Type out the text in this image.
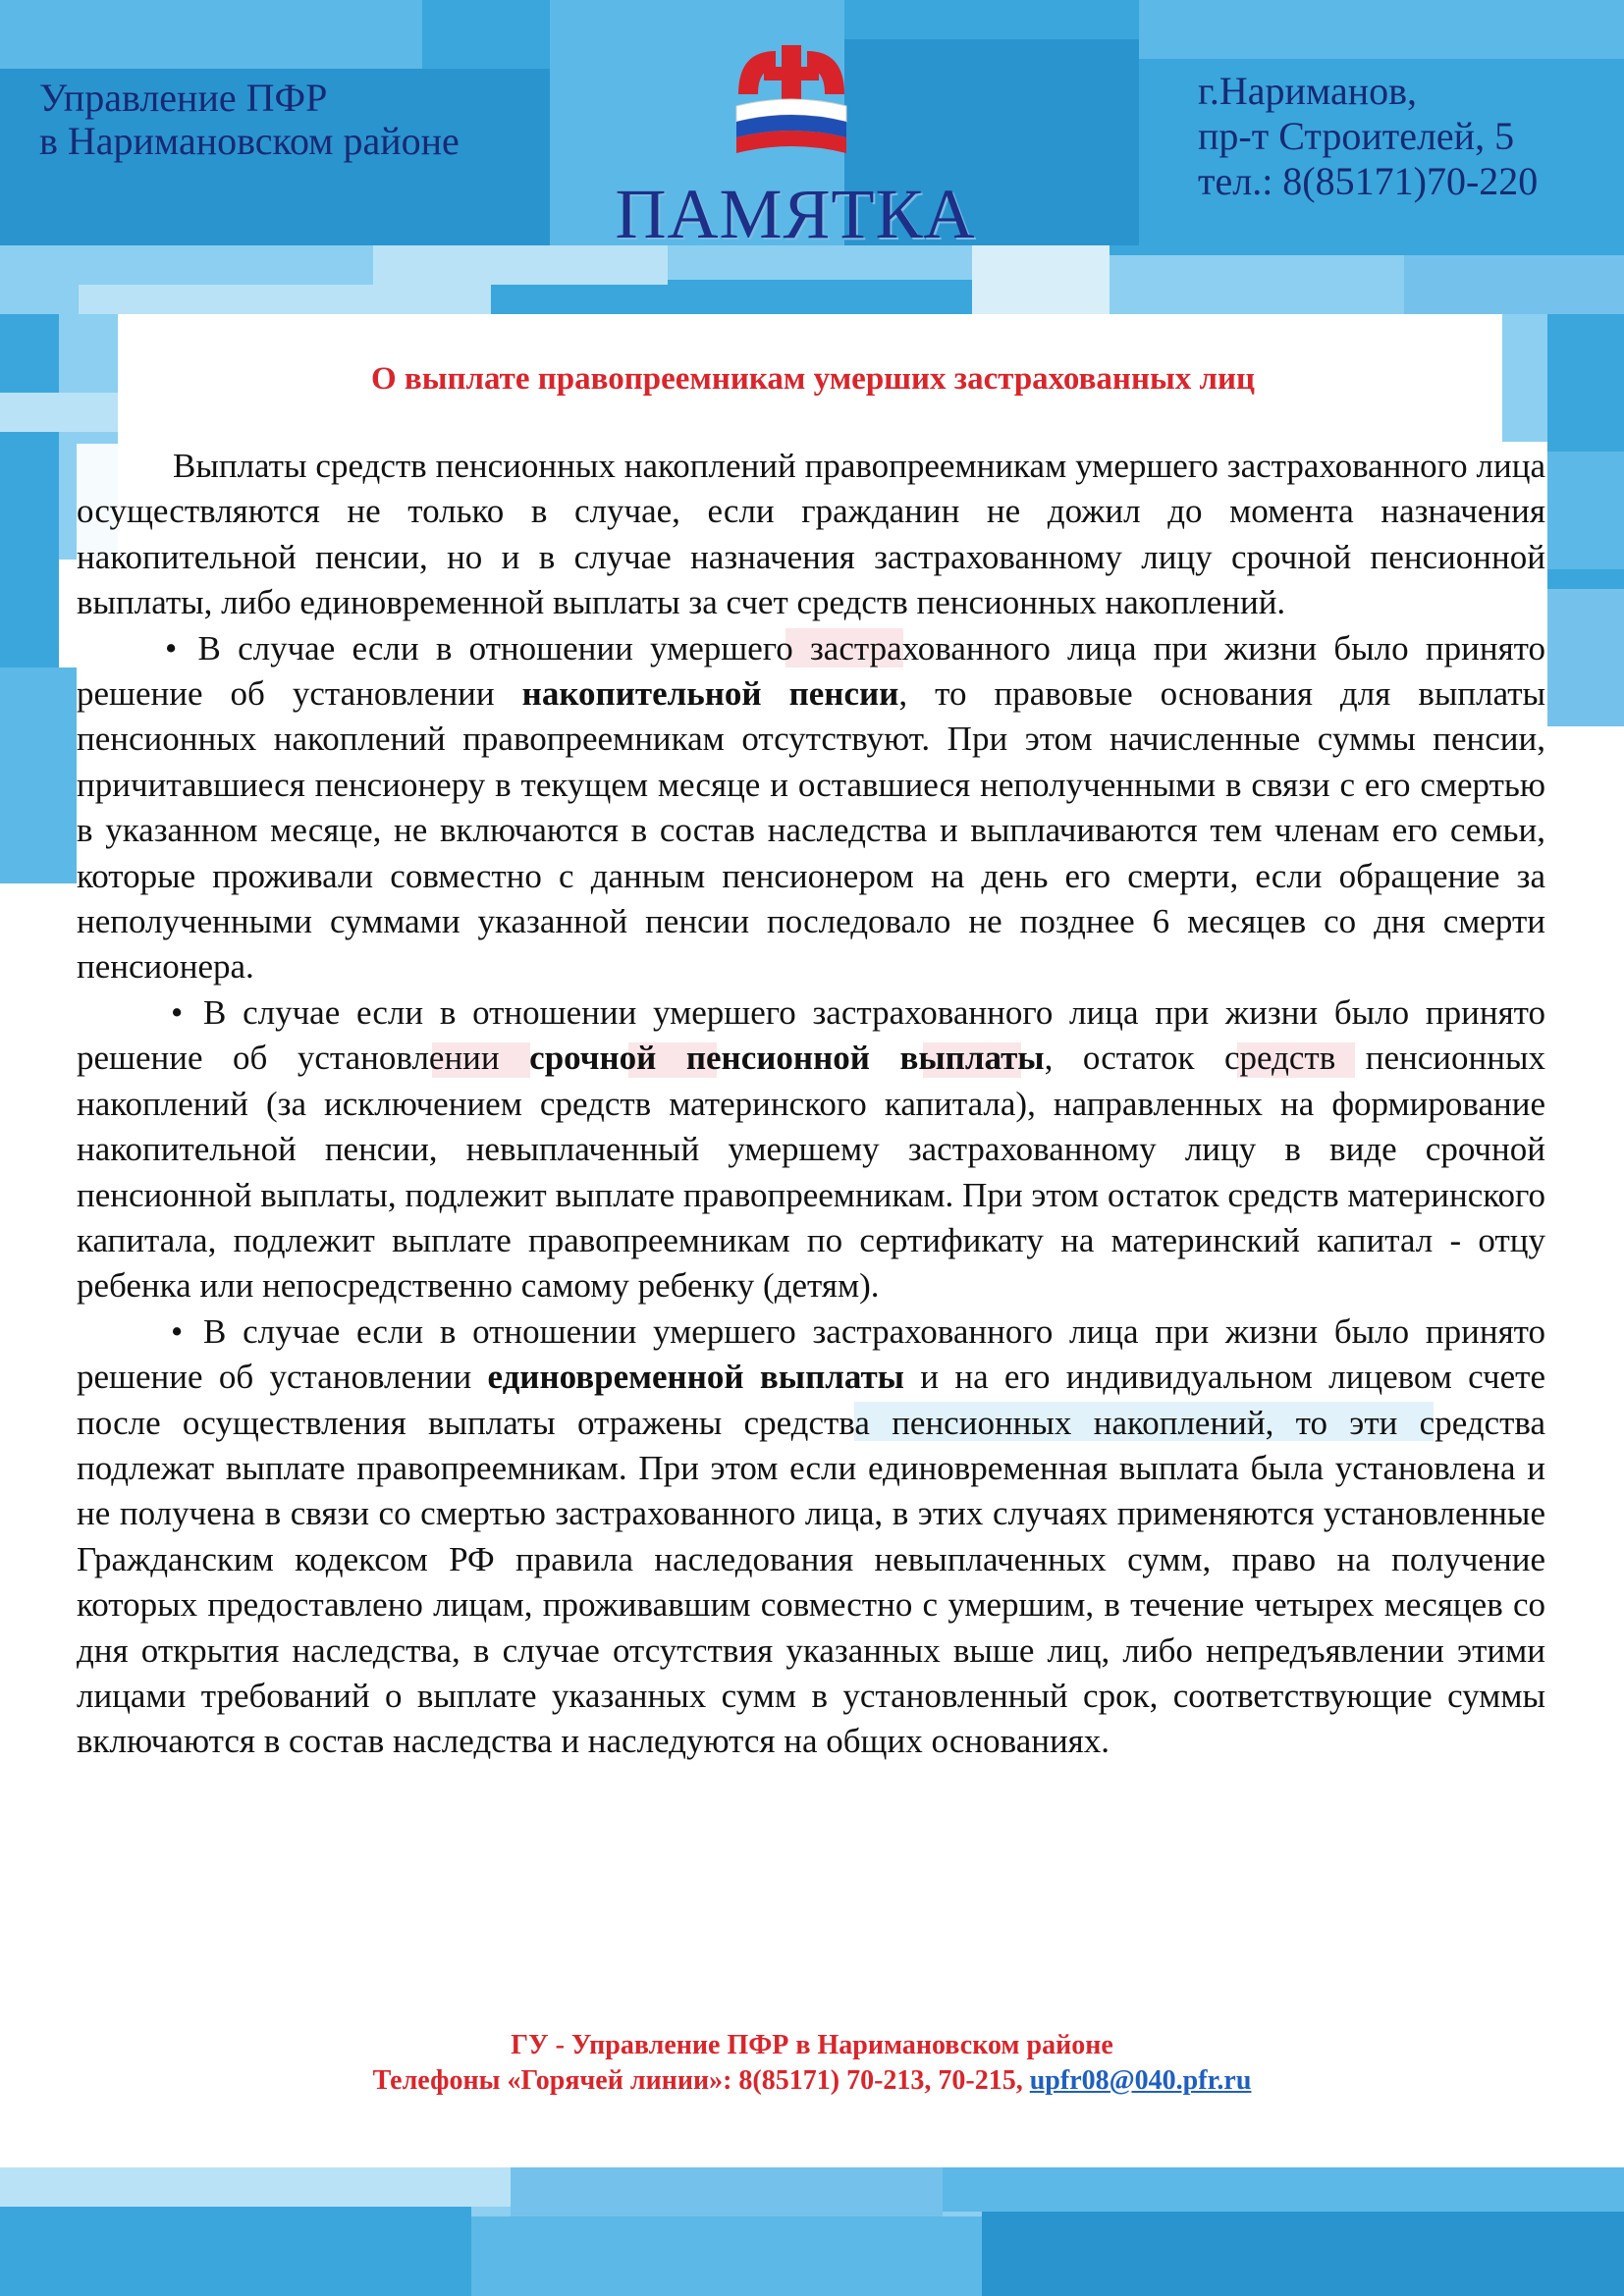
Управление ПФР
в Наримановском районе
ПАМЯТКА
г.Нариманов,
пр-т Строителей, 5
тел.: 8(85171)70-220
О выплате правопреемникам умерших застрахованных лиц

Выплаты средств пенсионных накоплений правопреемникам умершего застрахованного лица осуществляются не только в случае, если гражданин не дожил до момента назначения накопительной пенсии, но и в случае назначения застрахованному лицу срочной пенсионной выплаты, либо единовременной выплаты за счет средств пенсионных накоплений.

• В случае если в отношении умершего застрахованного лица при жизни было принято решение об установлении накопительной пенсии, то правовые основания для выплаты пенсионных накоплений правопреемникам отсутствуют. При этом начисленные суммы пенсии, причитавшиеся пенсионеру в текущем месяце и оставшиеся неполученными в связи с его смертью в указанном месяце, не включаются в состав наследства и выплачиваются тем членам его семьи, которые проживали совместно с данным пенсионером на день его смерти, если обращение за неполученными суммами указанной пенсии последовало не позднее 6 месяцев со дня смерти пенсионера.

• В случае если в отношении умершего застрахованного лица при жизни было принято решение об установлении срочной пенсионной выплаты, остаток средств пенсионных накоплений (за исключением средств материнского капитала), направленных на формирование накопительной пенсии, невыплаченный умершему застрахованному лицу в виде срочной пенсионной выплаты, подлежит выплате правопреемникам. При этом остаток средств материнского капитала, подлежит выплате правопреемникам по сертификату на материнский капитал - отцу ребенка или непосредственно самому ребенку (детям).

• В случае если в отношении умершего застрахованного лица при жизни было принято решение об установлении единовременной выплаты и на его индивидуальном лицевом счете после осуществления выплаты отражены средства пенсионных накоплений, то эти средства подлежат выплате правопреемникам. При этом если единовременная выплата была установлена и не получена в связи со смертью застрахованного лица, в этих случаях применяются установленные Гражданским кодексом РФ правила наследования невыплаченных сумм, право на получение которых предоставлено лицам, проживавшим совместно с умершим, в течение четырех месяцев со дня открытия наследства, в случае отсутствия указанных выше лиц, либо непредъявлении этими лицами требований о выплате указанных сумм в установленный срок, соответствующие суммы включаются в состав наследства и наследуются на общих основаниях.

ГУ - Управление ПФР в Наримановском районе
Телефоны «Горячей линии»: 8(85171) 70-213, 70-215, upfr08@040.pfr.ru
